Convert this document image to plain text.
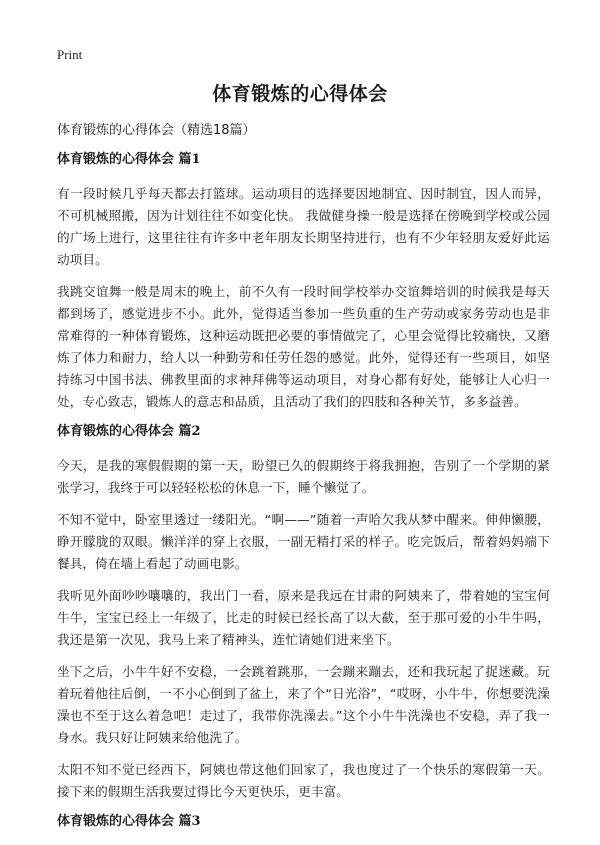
Print
体育锻炼的心得体会

体育锻炼的心得体会（精选18篇）

体育锻炼的心得体会 篇1

有一段时候几乎每天都去打篮球。运动项目的选择要因地制宜、因时制宜，因人而异，不可机械照搬，因为计划往往不如变化快。 我做健身操一般是选择在傍晚到学校或公园的广场上进行，这里往往有许多中老年朋友长期坚持进行，也有不少年轻朋友爱好此运动项目。

我跳交谊舞一般是周末的晚上，前不久有一段时间学校举办交谊舞培训的时候我是每天都到场了，感觉进步不小。此外，觉得适当参加一些负重的生产劳动或家务劳动也是非常难得的一种体育锻炼，这种运动既把必要的事情做完了，心里会觉得比较痛快，又磨炼了体力和耐力，给人以一种勤劳和任劳任怨的感觉。此外，觉得还有一些项目，如坚持练习中国书法、佛教里面的求神拜佛等运动项目，对身心都有好处，能够让人心归一处，专心致志，锻炼人的意志和品质，且活动了我们的四肢和各种关节，多多益善。

体育锻炼的心得体会 篇2

今天，是我的寒假假期的第一天，盼望已久的假期终于将我拥抱，告别了一个学期的紧张学习，我终于可以轻轻松松的休息一下，睡个懒觉了。

不知不觉中，卧室里透过一缕阳光。“啊——”随着一声哈欠我从梦中醒来。伸伸懒腰，睁开朦胧的双眼。懒洋洋的穿上衣服，一副无精打采的样子。吃完饭后，帮着妈妈端下餐具，倚在墙上看起了动画电影。

我听见外面吵吵嚷嚷的，我出门一看，原来是我远在甘肃的阿姨来了，带着她的宝宝何牛牛，宝宝已经上一年级了，比走的时候已经长高了以大截，至于那可爱的小牛牛吗，我还是第一次见，我马上来了精神头，连忙请她们进来坐下。

坐下之后，小牛牛好不安稳，一会跳着跳那，一会蹦来蹦去，还和我玩起了捉迷藏。玩着玩着他往后倒，一不小心倒到了盆上，来了个“日光浴”，“哎呀，小牛牛，你想要洗澡澡也不至于这么着急吧！走过了，我带你洗澡去。”这个小牛牛洗澡也不安稳，弄了我一身水。我只好让阿姨来给他洗了。

太阳不知不觉已经西下，阿姨也带这他们回家了，我也度过了一个快乐的寒假第一天。接下来的假期生活我要过得比今天更快乐，更丰富。

体育锻炼的心得体会 篇3
